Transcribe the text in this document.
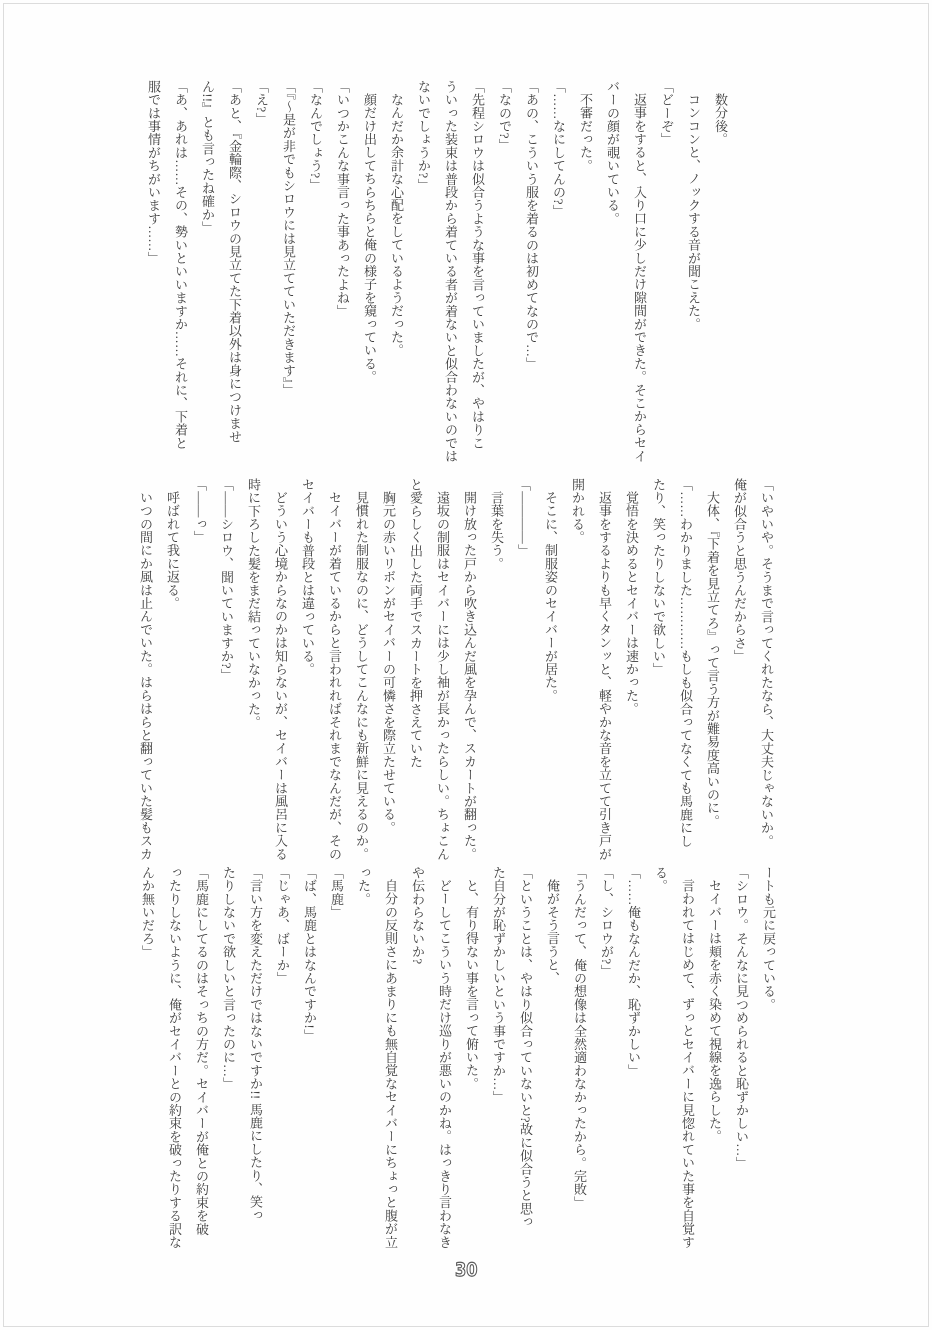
数分後。

コンコンと、ノックする音が聞こえた。

「どーぞ」

返事をすると、入り口に少しだけ隙間ができた。そこからセイ

バーの顔が覗いている。

不審だった。

「……なにしてんの?」

「あの、こういう服を着るのは初めてなので…」

「なので?」

「先程シロウは似合うような事を言っていましたが、やはりこ

ういった装束は普段から着ている者が着ないと似合わないのでは

ないでしょうか?」

なんだか余計な心配をしているようだった。

顔だけ出してちらちらと俺の様子を窺っている。

「いつかこんな事言った事あったよね」

「なんでしょう?」

「『〜是が非でもシロウには見立てていただきます』」

「え?」

「あと、『金輪際、シロウの見立てた下着以外は身につけませ

ん!!』とも言ったね確か」

「あ、あれは……その、勢いといいますか……それに、下着と

服では事情がちがいます……」

「いやいや。そうまで言ってくれたなら、大丈夫じゃないか。

俺が似合うと思うんだからさ」

大体、『下着を見立てろ』って言う方が難易度高いのに。

「……わかりました…………もしも似合ってなくても馬鹿にし

たり、笑ったりしないで欲しい」

覚悟を決めるとセイバーは速かった。

返事をするよりも早くタンッと、軽やかな音を立てて引き戸が

開かれる。

そこに、制服姿のセイバーが居た。

「――――」

言葉を失う。

開け放った戸から吹き込んだ風を孕んで、スカートが翻った。

遠坂の制服はセイバーには少し袖が長かったらしい。ちょこん

と愛らしく出した両手でスカートを押さえていた

胸元の赤いリボンがセイバーの可憐さを際立たせている。

見慣れた制服なのに、どうしてこんなにも新鮮に見えるのか。

セイバーが着ているからと言われればそれまでなんだが、その

セイバーも普段とは違っている。

どういう心境からなのかは知らないが、セイバーは風呂に入る

時に下ろした髪をまだ結っていなかった。

「――シロウ、聞いていますか?」

「――っ」

呼ばれて我に返る。

いつの間にか風は止んでいた。はらはらと翻っていた髪もスカ

ートも元に戻っている。

「シロウ。そんなに見つめられると恥ずかしい…」

セイバーは頬を赤く染めて視線を逸らした。

言われてはじめて、ずっとセイバーに見惚れていた事を自覚す

る。

「……俺もなんだか、恥ずかしい」

「し、シロウが?」

「うんだって、俺の想像は全然適わなかったから。完敗」

俺がそう言うと、

「ということは、やはり似合っていないと?故に似合うと思っ

た自分が恥ずかしいという事ですか…」

と、有り得ない事を言って俯いた。

どーしてこういう時だけ巡りが悪いのかね。はっきり言わなき

や伝わらないか?

自分の反則さにあまりにも無自覚なセイバーにちょっと腹が立

った。

「馬鹿」

「ば、馬鹿とはなんですか!」

「じゃあ、ばーか」

「言い方を変えただけではないですか!! 馬鹿にしたり、笑っ

たりしないで欲しいと言ったのに…」

「馬鹿にしてるのはそっちの方だ。セイバーが俺との約束を破

ったりしないように、俺がセイバーとの約束を破ったりする訳な

んか無いだろ」

30
